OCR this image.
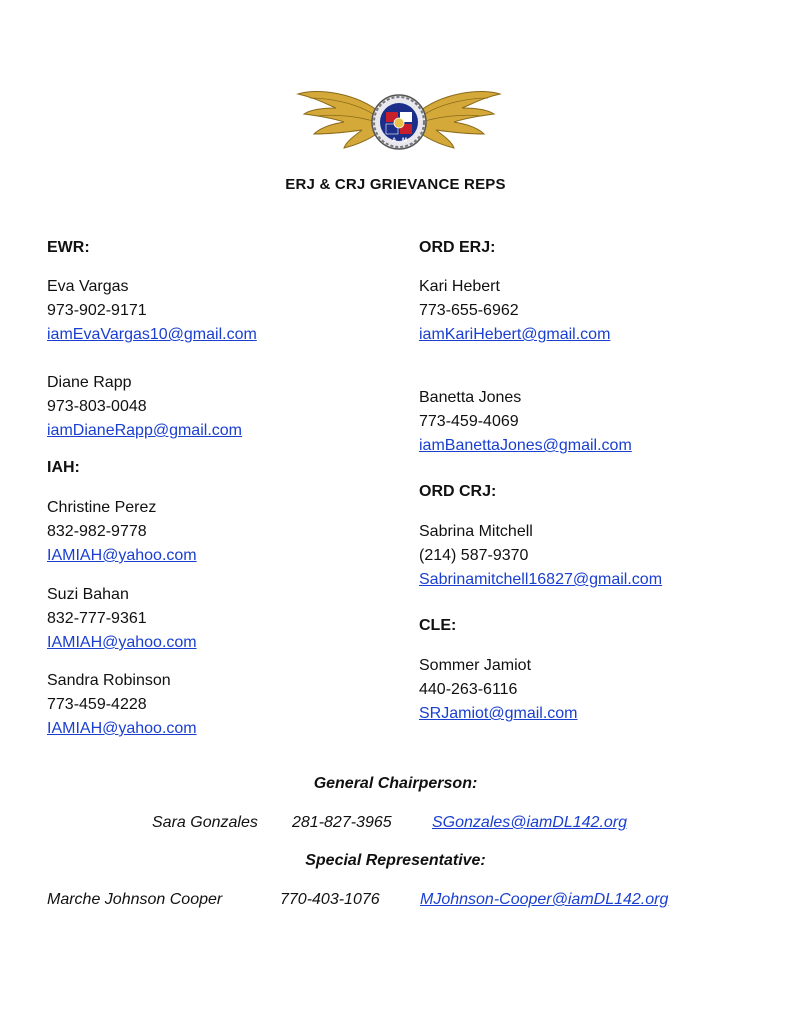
A M
ERJ & CRJ GRIEVANCE REPS
EWR:
Eva Vargas
973-902-9171
iamEvaVargas10@gmail.com
Diane Rapp
973-803-0048
iamDianeRapp@gmail.com
IAH:
Christine Perez
832-982-9778
IAMIAH@yahoo.com
Suzi Bahan
832-777-9361
IAMIAH@yahoo.com
Sandra Robinson
773-459-4228
IAMIAH@yahoo.com
ORD ERJ:
Kari Hebert
773-655-6962
iamKariHebert@gmail.com
Banetta Jones
773-459-4069
iamBanettaJones@gmail.com
ORD CRJ:
Sabrina Mitchell
(214) 587-9370
Sabrinamitchell16827@gmail.com
CLE:
Sommer Jamiot
440-263-6116
SRJamiot@gmail.com
General Chairperson:
Sara Gonzales 281-827-3965	SGonzales@iamDL142.org
Special Representative:
Marche Johnson Cooper	770-403-1076	MJohnson-Cooper@iamDL142.org
